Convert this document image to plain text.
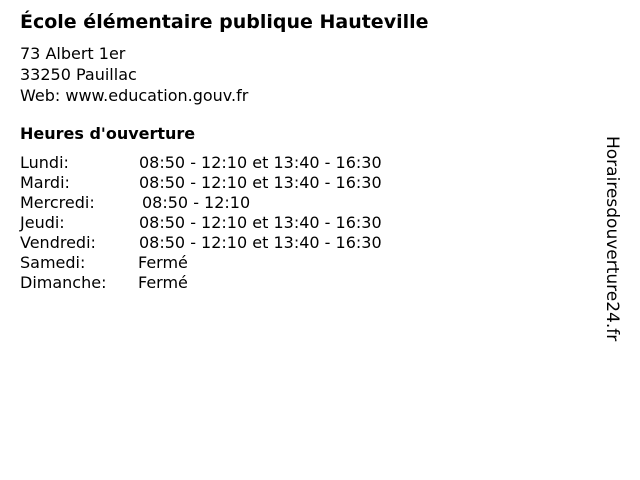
École élémentaire publique Hauteville
73 Albert 1er
33250 Pauillac
Web: www.education.gouv.fr
Heures d'ouverture
Lundi:	08:50 - 12:10 et 13:40 - 16:30
Mardi:	08:50 - 12:10 et 13:40 - 16:30
Mercredi:	08:50 - 12:10
Jeudi:	08:50 - 12:10 et 13:40 - 16:30
Vendredi:	08:50 - 12:10 et 13:40 - 16:30
Samedi:	Fermé
Dimanche: Fermé	Horairesdouverture24.fr
